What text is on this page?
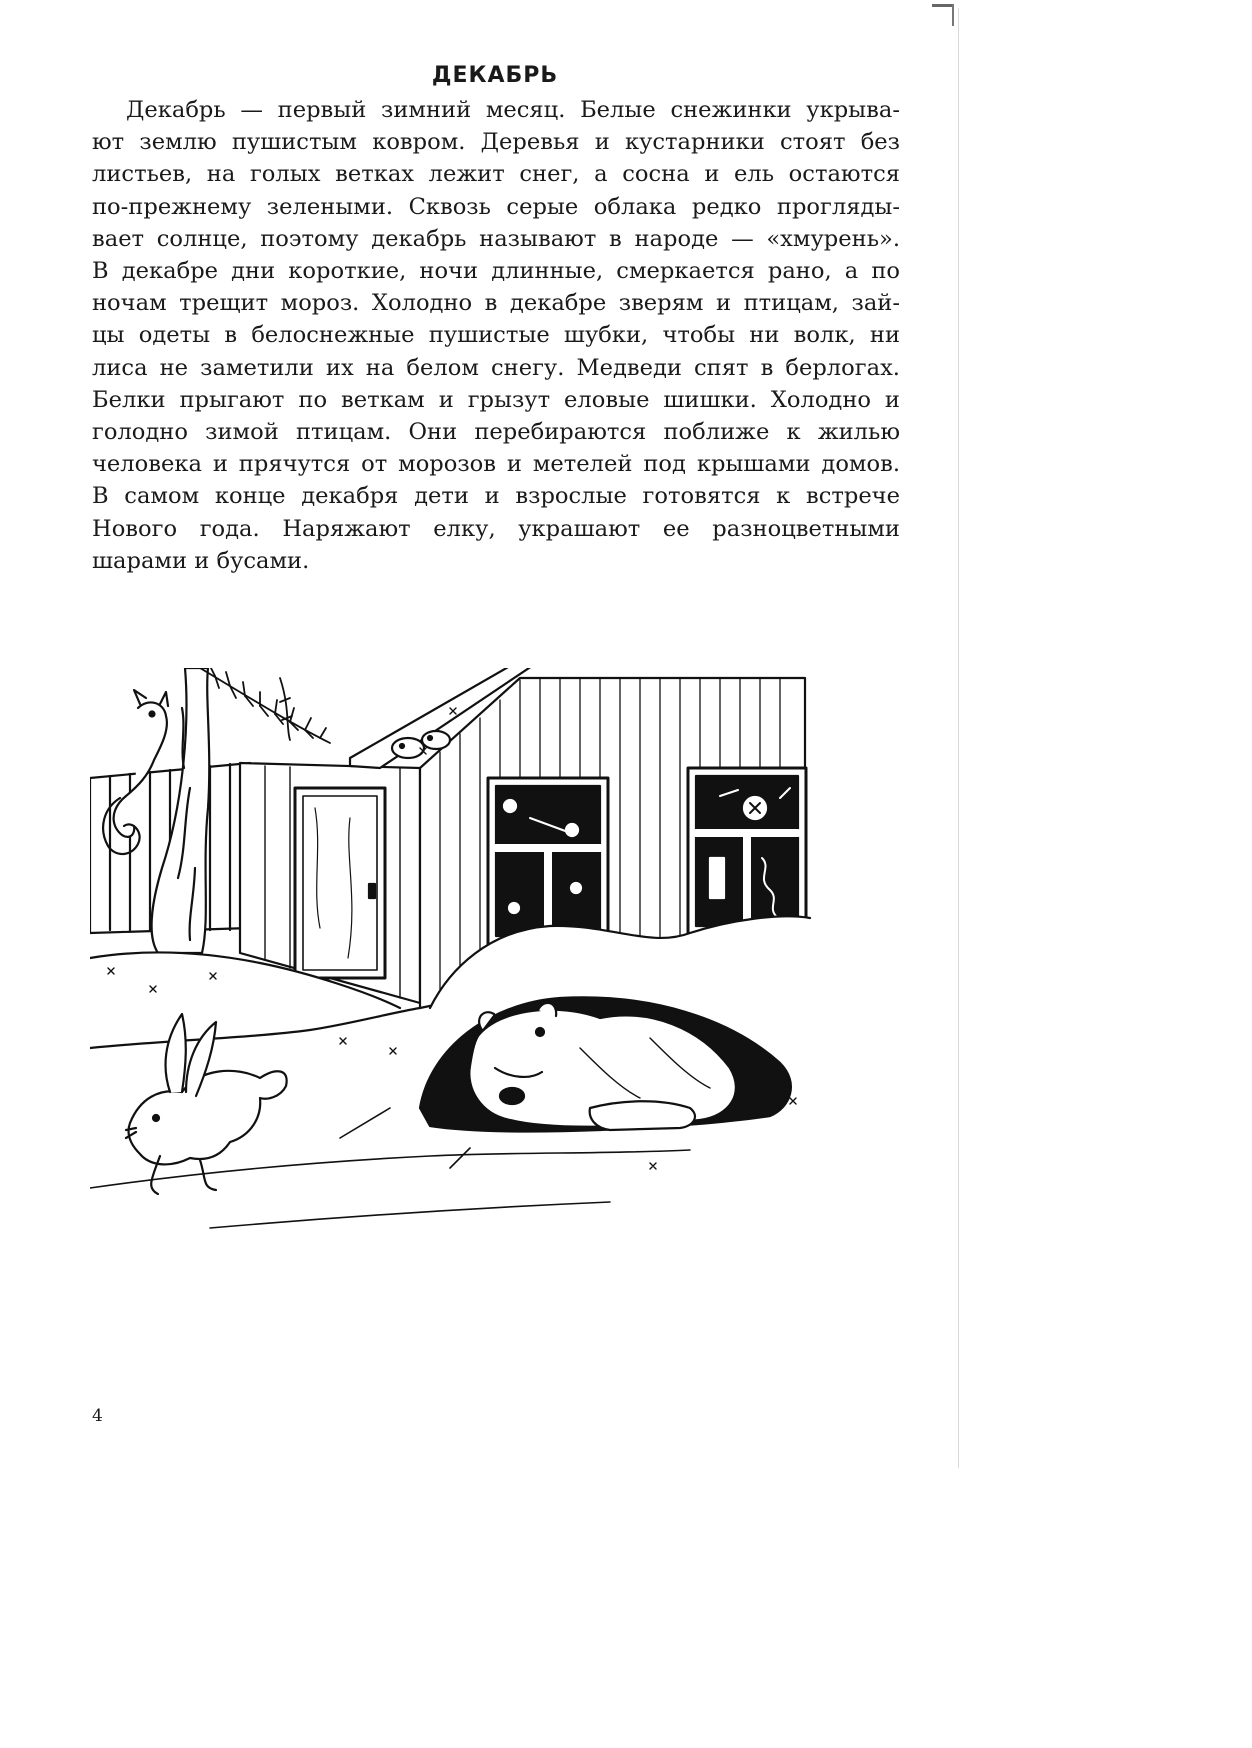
ДЕКАБРЬ
Декабрь — первый зимний месяц. Белые снежинки укрыва-
ют землю пушистым ковром. Деревья и кустарники стоят без
листьев, на голых ветках лежит снег, а сосна и ель остаются
по-прежнему зелеными. Сквозь серые облака редко прогляды-
вает солнце, поэтому декабрь называют в народе — «хмурень».
В декабре дни короткие, ночи длинные, смеркается рано, а по
ночам трещит мороз. Холодно в декабре зверям и птицам, зай-
цы одеты в белоснежные пушистые шубки, чтобы ни волк, ни
лиса не заметили их на белом снегу. Медведи спят в берлогах.
Белки прыгают по веткам и грызут еловые шишки. Холодно и
голодно зимой птицам. Они перебираются поближе к жилью
человека и прячутся от морозов и метелей под крышами домов.
В самом конце декабря дети и взрослые готовятся к встрече
Нового года. Наряжают елку, украшают ее разноцветными
шарами и бусами.
4
